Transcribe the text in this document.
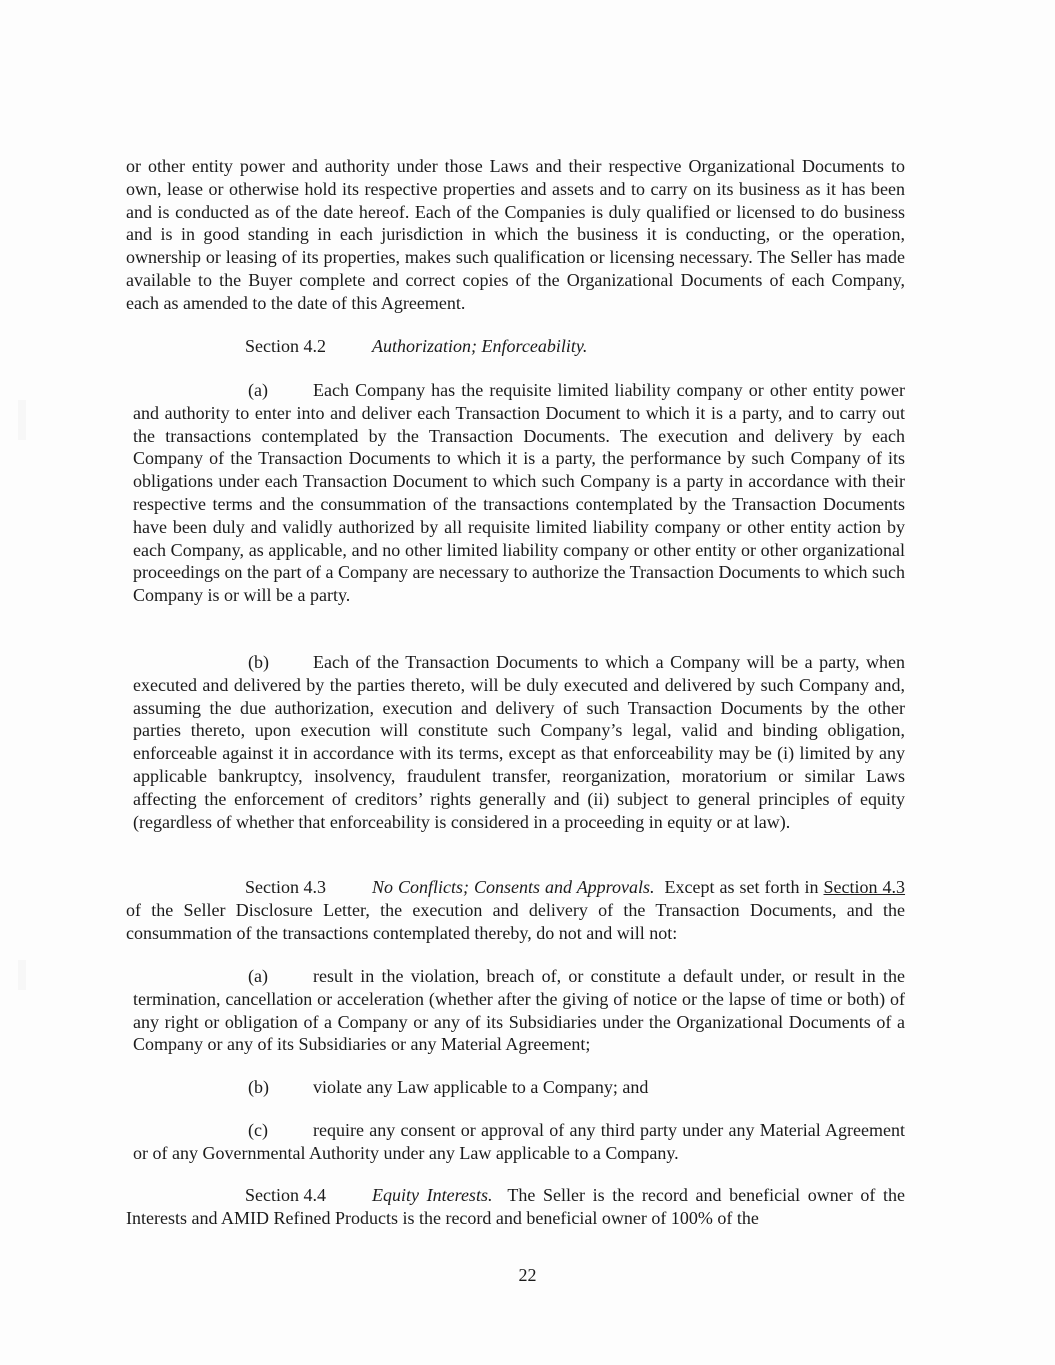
or other entity power and authority under those Laws and their respective Organizational Documents to own, lease or otherwise hold its respective properties and assets and to carry on its business as it has been and is conducted as of the date hereof. Each of the Companies is duly qualified or licensed to do business and is in good standing in each jurisdiction in which the business it is conducting, or the operation, ownership or leasing of its properties, makes such qualification or licensing necessary. The Seller has made available to the Buyer complete and correct copies of the Organizational Documents of each Company, each as amended to the date of this Agreement.

Section 4.2	Authorization; Enforceability.

(a)	Each Company has the requisite limited liability company or other entity power and authority to enter into and deliver each Transaction Document to which it is a party, and to carry out the transactions contemplated by the Transaction Documents. The execution and delivery by each Company of the Transaction Documents to which it is a party, the performance by such Company of its obligations under each Transaction Document to which such Company is a party in accordance with their respective terms and the consummation of the transactions contemplated by the Transaction Documents have been duly and validly authorized by all requisite limited liability company or other entity action by each Company, as applicable, and no other limited liability company or other entity or other organizational proceedings on the part of a Company are necessary to authorize the Transaction Documents to which such Company is or will be a party.

(b) Each of the Transaction Documents to which a Company will be a party, when executed and delivered by the parties thereto, will be duly executed and delivered by such Company and, assuming the due authorization, execution and delivery of such Transaction Documents by the other parties thereto, upon execution will constitute such Company’s legal, valid and binding obligation, enforceable against it in accordance with its terms, except as that enforceability may be (i) limited by any applicable bankruptcy, insolvency, fraudulent transfer, reorganization, moratorium or similar Laws affecting the enforcement of creditors’ rights generally and (ii) subject to general principles of equity (regardless of whether that enforceability is considered in a proceeding in equity or at law).

Section 4.3	No Conflicts; Consents and Approvals. Except as set forth in Section 4.3 of the Seller Disclosure Letter, the execution and delivery of the Transaction Documents, and the consummation of the transactions contemplated thereby, do not and will not:

(a)	result in the violation, breach of, or constitute a default under, or result in the termination, cancellation or acceleration (whether after the giving of notice or the lapse of time or both) of any right or obligation of a Company or any of its Subsidiaries under the Organizational Documents of a Company or any of its Subsidiaries or any Material Agreement;

(b) violate any Law applicable to a Company; and

(c)	require any consent or approval of any third party under any Material Agreement or of any Governmental Authority under any Law applicable to a Company.

Section 4.4	Equity Interests. The Seller is the record and beneficial owner of the Interests and AMID Refined Products is the record and beneficial owner of 100% of the

22
